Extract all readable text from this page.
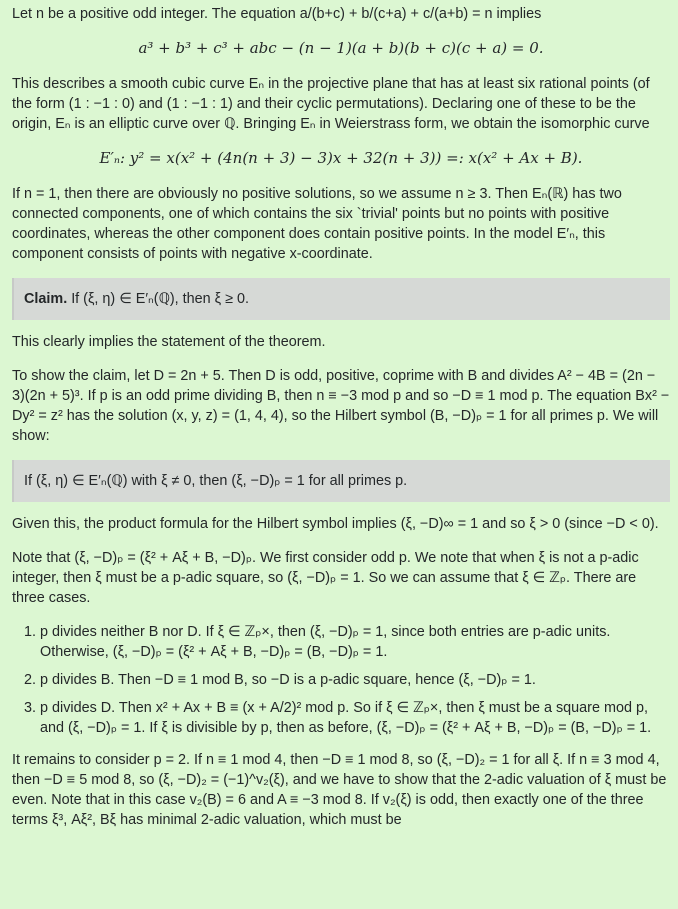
Let n be a positive odd integer. The equation a/(b+c) + b/(c+a) + c/(a+b) = n implies

a³ + b³ + c³ + abc − (n − 1)(a + b)(b + c)(c + a) = 0.

This describes a smooth cubic curve Eₙ in the projective plane that has at least six rational points (of the form (1 : −1 : 0) and (1 : −1 : 1) and their cyclic permutations). Declaring one of these to be the origin, Eₙ is an elliptic curve over ℚ. Bringing Eₙ in Weierstrass form, we obtain the isomorphic curve

E′ₙ: y² = x(x² + (4n(n + 3) − 3)x + 32(n + 3)) =: x(x² + Ax + B).

If n = 1, then there are obviously no positive solutions, so we assume n ≥ 3. Then Eₙ(ℝ) has two connected components, one of which contains the six `trivial' points but no points with positive coordinates, whereas the other component does contain positive points. In the model E′ₙ, this component consists of points with negative x-coordinate.

Claim. If (ξ, η) ∈ E′ₙ(ℚ), then ξ ≥ 0.

This clearly implies the statement of the theorem.

To show the claim, let D = 2n + 5. Then D is odd, positive, coprime with B and divides A² − 4B = (2n − 3)(2n + 5)³. If p is an odd prime dividing B, then n ≡ −3 mod p and so −D ≡ 1 mod p. The equation Bx² − Dy² = z² has the solution (x, y, z) = (1, 4, 4), so the Hilbert symbol (B, −D)ₚ = 1 for all primes p. We will show:

If (ξ, η) ∈ E′ₙ(ℚ) with ξ ≠ 0, then (ξ, −D)ₚ = 1 for all primes p.

Given this, the product formula for the Hilbert symbol implies (ξ, −D)∞ = 1 and so ξ > 0 (since −D < 0).

Note that (ξ, −D)ₚ = (ξ² + Aξ + B, −D)ₚ. We first consider odd p. We note that when ξ is not a p-adic integer, then ξ must be a p-adic square, so (ξ, −D)ₚ = 1. So we can assume that ξ ∈ ℤₚ. There are three cases.

1. p divides neither B nor D. If ξ ∈ ℤₚ×, then (ξ, −D)ₚ = 1, since both entries are p-adic units. Otherwise, (ξ, −D)ₚ = (ξ² + Aξ + B, −D)ₚ = (B, −D)ₚ = 1.
2. p divides B. Then −D ≡ 1 mod B, so −D is a p-adic square, hence (ξ, −D)ₚ = 1.
3. p divides D. Then x² + Ax + B ≡ (x + A/2)² mod p. So if ξ ∈ ℤₚ×, then ξ must be a square mod p, and (ξ, −D)ₚ = 1. If ξ is divisible by p, then as before, (ξ, −D)ₚ = (ξ² + Aξ + B, −D)ₚ = (B, −D)ₚ = 1.

It remains to consider p = 2. If n ≡ 1 mod 4, then −D ≡ 1 mod 8, so (ξ, −D)₂ = 1 for all ξ. If n ≡ 3 mod 4, then −D ≡ 5 mod 8, so (ξ, −D)₂ = (−1)^v₂(ξ), and we have to show that the 2-adic valuation of ξ must be even. Note that in this case v₂(B) = 6 and A ≡ −3 mod 8. If v₂(ξ) is odd, then exactly one of the three terms ξ³, Aξ², Bξ has minimal 2-adic valuation, which must be
